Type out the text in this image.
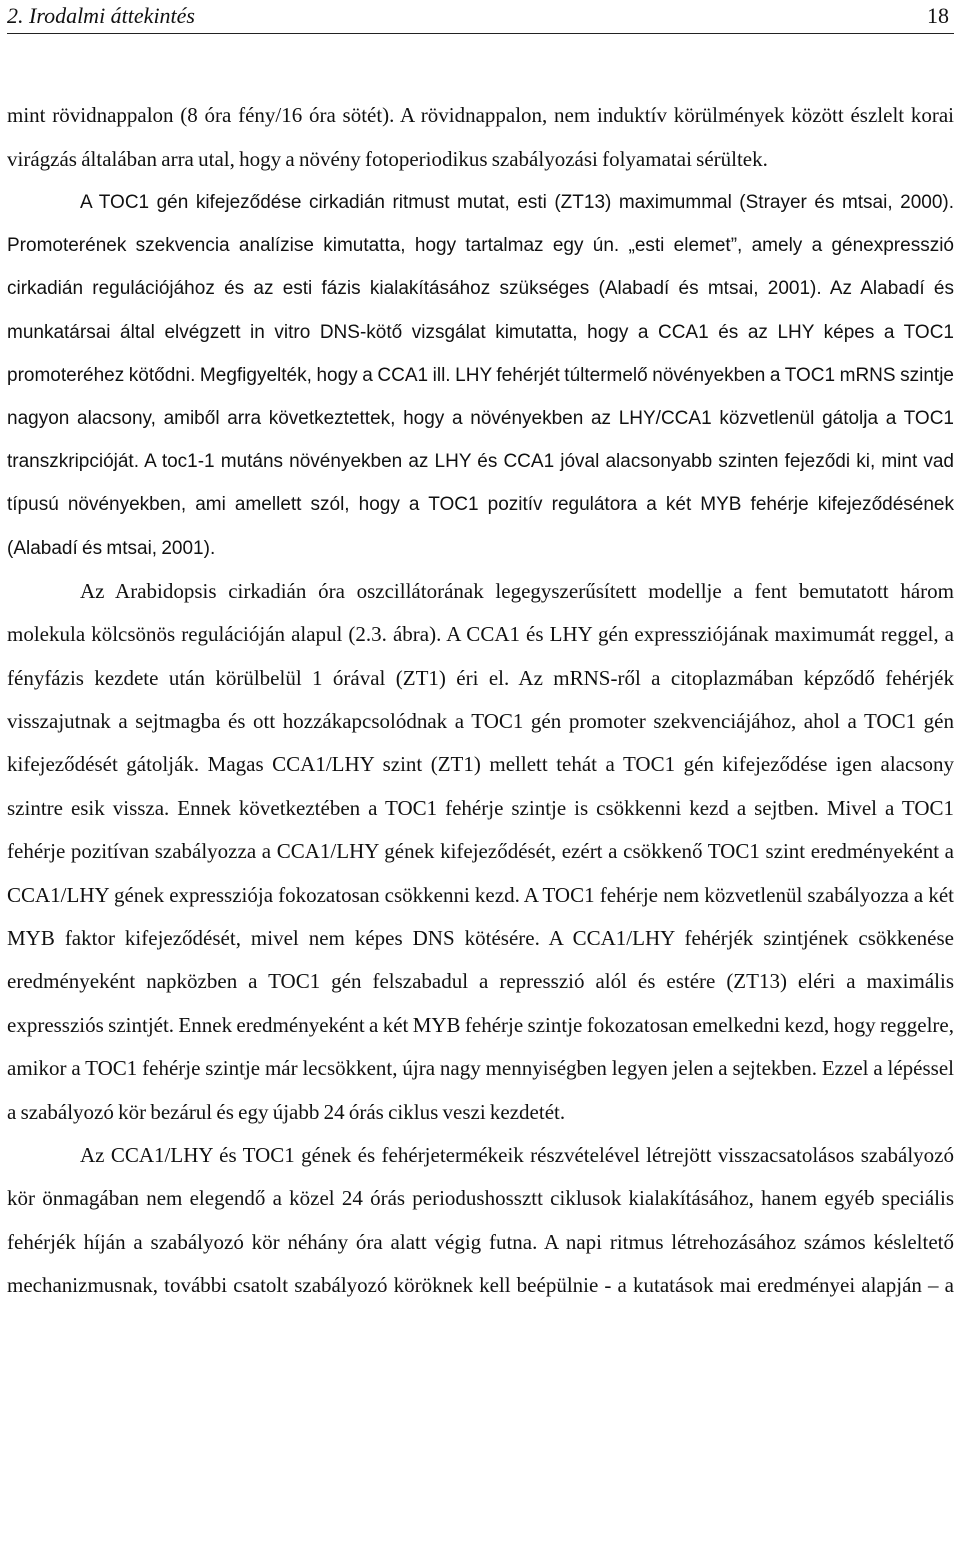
2. Irodalmi áttekintés	18

mint rövidnappalon (8 óra fény/16 óra sötét). A rövidnappalon, nem induktív körülmények között észlelt korai virágzás általában arra utal, hogy a növény fotoperiodikus szabályozási folyamatai sérültek.

A TOC1 gén kifejeződése cirkadián ritmust mutat, esti (ZT13) maximummal (Strayer és mtsai, 2000). Promoterének szekvencia analízise kimutatta, hogy tartalmaz egy ún. „esti elemet”, amely a génexpresszió cirkadián regulációjához és az esti fázis kialakításához szükséges (Alabadí és mtsai, 2001). Az Alabadí és munkatársai által elvégzett in vitro DNS-kötő vizsgálat kimutatta, hogy a CCA1 és az LHY képes a TOC1 promoteréhez kötődni. Megfigyelték, hogy a CCA1 ill. LHY fehérjét túltermelő növényekben a TOC1 mRNS szintje nagyon alacsony, amiből arra következtettek, hogy a növényekben az LHY/CCA1 közvetlenül gátolja a TOC1 transzkripcióját. A toc1-1 mutáns növényekben az LHY és CCA1 jóval alacsonyabb szinten fejeződi ki, mint vad típusú növényekben, ami amellett szól, hogy a TOC1 pozitív regulátora a két MYB fehérje kifejeződésének (Alabadí és mtsai, 2001).

Az Arabidopsis cirkadián óra oszcillátorának legegyszerűsített modellje a fent bemutatott három molekula kölcsönös regulációján alapul (2.3. ábra). A CCA1 és LHY gén expressziójának maximumát reggel, a fényfázis kezdete után körülbelül 1 órával (ZT1) éri el. Az mRNS-ről a citoplazmában képződő fehérjék visszajutnak a sejtmagba és ott hozzákapcsolódnak a TOC1 gén promoter szekvenciájához, ahol a TOC1 gén kifejeződését gátolják. Magas CCA1/LHY szint (ZT1) mellett tehát a TOC1 gén kifejeződése igen alacsony szintre esik vissza. Ennek következtében a TOC1 fehérje szintje is csökkenni kezd a sejtben. Mivel a TOC1 fehérje pozitívan szabályozza a CCA1/LHY gének kifejeződését, ezért a csökkenő TOC1 szint eredményeként a CCA1/LHY gének expressziója fokozatosan csökkenni kezd. A TOC1 fehérje nem közvetlenül szabályozza a két MYB faktor kifejeződését, mivel nem képes DNS kötésére. A CCA1/LHY fehérjék szintjének csökkenése eredményeként napközben a TOC1 gén felszabadul a represszió alól és estére (ZT13) eléri a maximális expressziós szintjét. Ennek eredményeként a két MYB fehérje szintje fokozatosan emelkedni kezd, hogy reggelre, amikor a TOC1 fehérje szintje már lecsökkent, újra nagy mennyiségben legyen jelen a sejtekben. Ezzel a lépéssel a szabályozó kör bezárul és egy újabb 24 órás ciklus veszi kezdetét.

Az CCA1/LHY és TOC1 gének és fehérjetermékeik részvételével létrejött visszacsatolásos szabályozó kör önmagában nem elegendő a közel 24 órás periodushossztt ciklusok kialakításához, hanem egyéb speciális fehérjék híján a szabályozó kör néhány óra alatt végig futna. A napi ritmus létrehozásához számos késleltető mechanizmusnak, további csatolt szabályozó köröknek kell beépülnie - a kutatások mai eredményei alapján – a
